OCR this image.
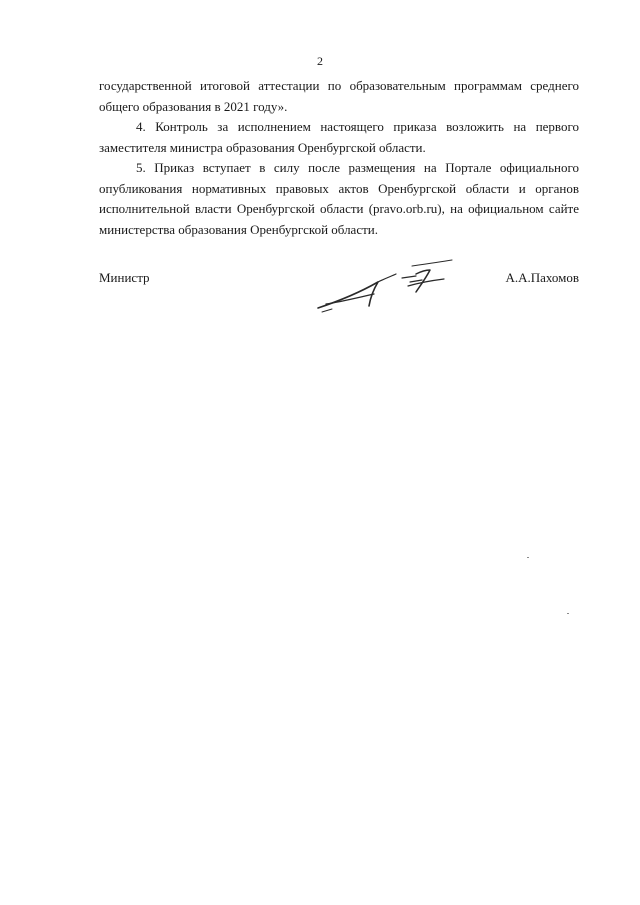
2

государственной итоговой аттестации по образовательным программам среднего общего образования в 2021 году».

4. Контроль за исполнением настоящего приказа возложить на первого заместителя министра образования Оренбургской области.

5. Приказ вступает в силу после размещения на Портале официального опубликования нормативных правовых актов Оренбургской области и органов исполнительной власти Оренбургской области (pravo.orb.ru), на официальном сайте министерства образования Оренбургской области.

Министр	А.А.Пахомов
